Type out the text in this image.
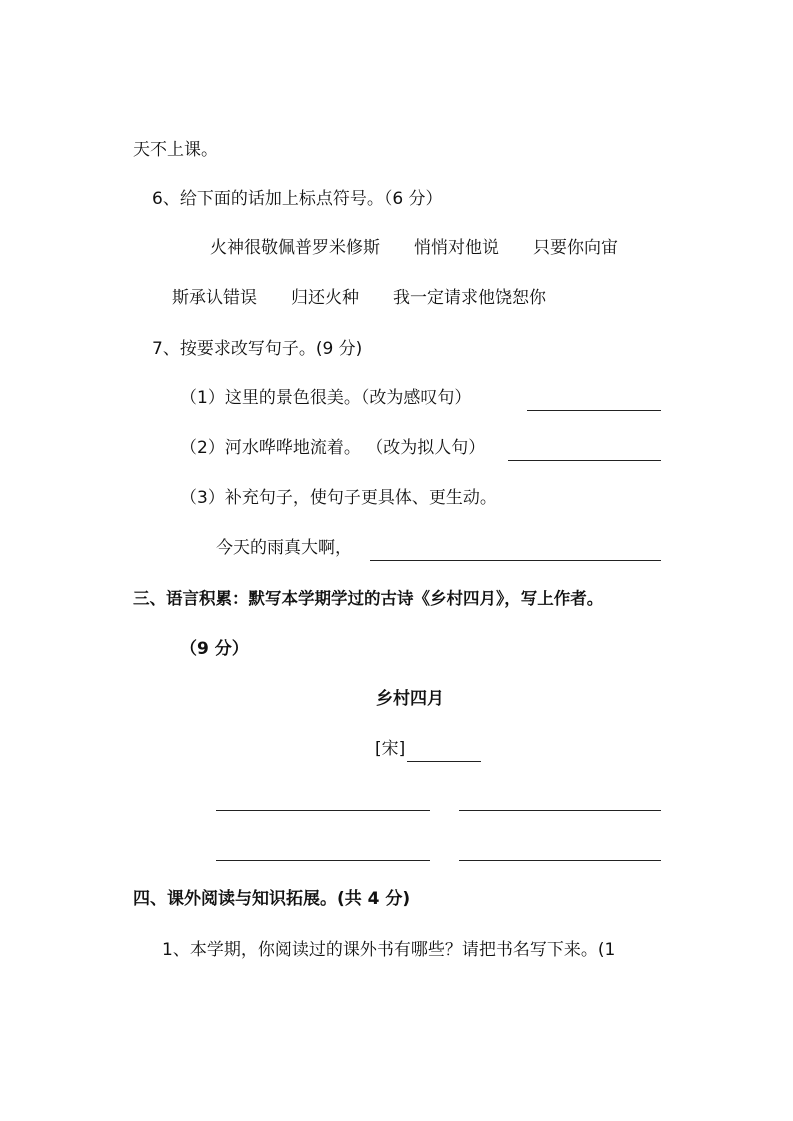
天不上课。
6、给下面的话加上标点符号。（6 分）
火神很敬佩普罗米修斯　　悄悄对他说　　只要你向宙
斯承认错误　　归还火种　　我一定请求他饶恕你
7、按要求改写句子。(9 分)
（1）这里的景色很美。（改为感叹句）
（2）河水哗哗地流着。 （改为拟人句）
（3）补充句子，使句子更具体、更生动。
今天的雨真大啊，
三、语言积累：默写本学期学过的古诗《乡村四月》，写上作者。
（9 分）
乡村四月
[宋]
四、课外阅读与知识拓展。(共 4 分)
1、本学期，你阅读过的课外书有哪些？请把书名写下来。(1
